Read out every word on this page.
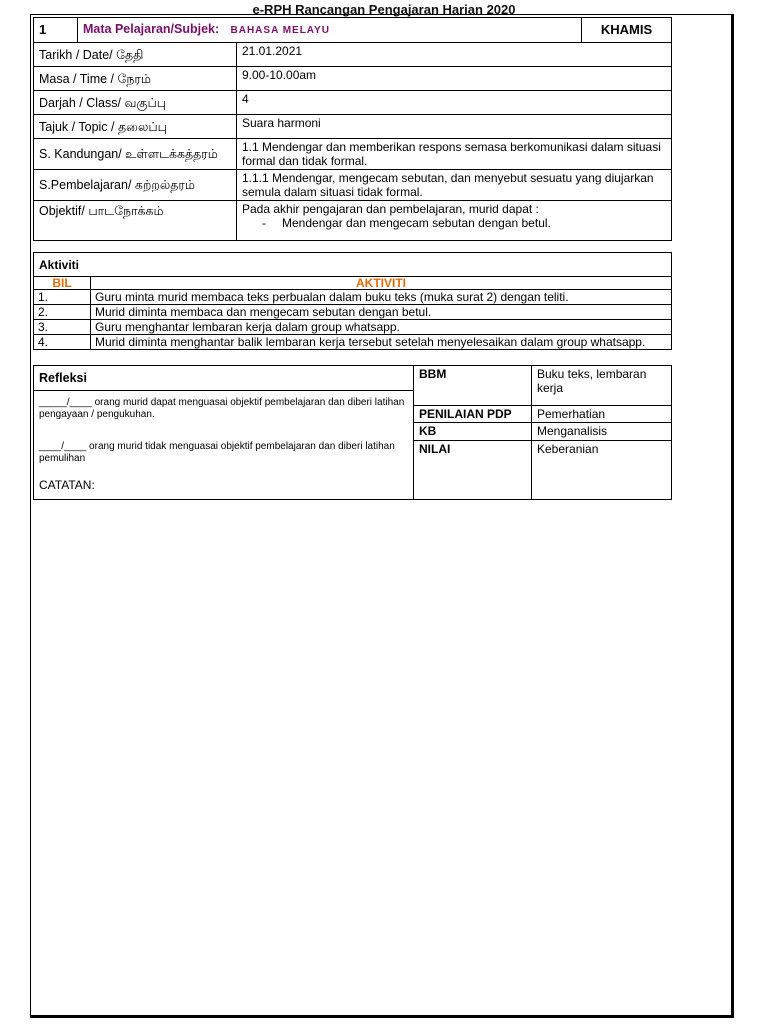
e-RPH Rancangan Pengajaran Harian 2020
1	Mata Pelajaran/Subjek: BAHASA MELAYU		KHAMIS
Tarikh / Date/ தேதி		21.01.2021	
Masa / Time / நேரம்		9.00-10.00am	
Darjah / Class/ வகுப்பு		4	
Tajuk / Topic / தலைப்பு		Suara harmoni	
S. Kandungan/ உள்ளடக்கத்தரம்		1.1 Mendengar dan memberikan respons semasa berkomunikasi dalam situasi formal dan tidak formal.	
S.Pembelajaran/ கற்றல்தரம்		1.1.1 Mendengar, mengecam sebutan, dan menyebut sesuatu yang diujarkan semula dalam situasi tidak formal.	
Objektif/ பாடநோக்கம்		Pada akhir pengajaran dan pembelajaran, murid dapat :
- Mendengar dan mengecam sebutan dengan betul.	
Aktiviti	
BIL	AKTIVITI
1.	Guru minta murid membaca teks perbualan dalam buku teks (muka surat 2) dengan teliti.
2.	Murid diminta membaca dan mengecam sebutan dengan betul.
3.	Guru menghantar lembaran kerja dalam group whatsapp.
4.	Murid diminta menghantar balik lembaran kerja tersebut setelah menyelesaikan dalam group whatsapp.
Refleksi	BBM	Buku teks, lembaran kerja

_____/____ orang murid dapat menguasai objektif pembelajaran dan diberi latihan pengayaan / pengukuhan.
____/____ orang murid tidak menguasai objektif pembelajaran dan diberi latihan pemulihan
CATATAN:		

	PENILAIAN PDP	Pemerhatian
	KB	Menganalisis
	NILAI	Keberanian
